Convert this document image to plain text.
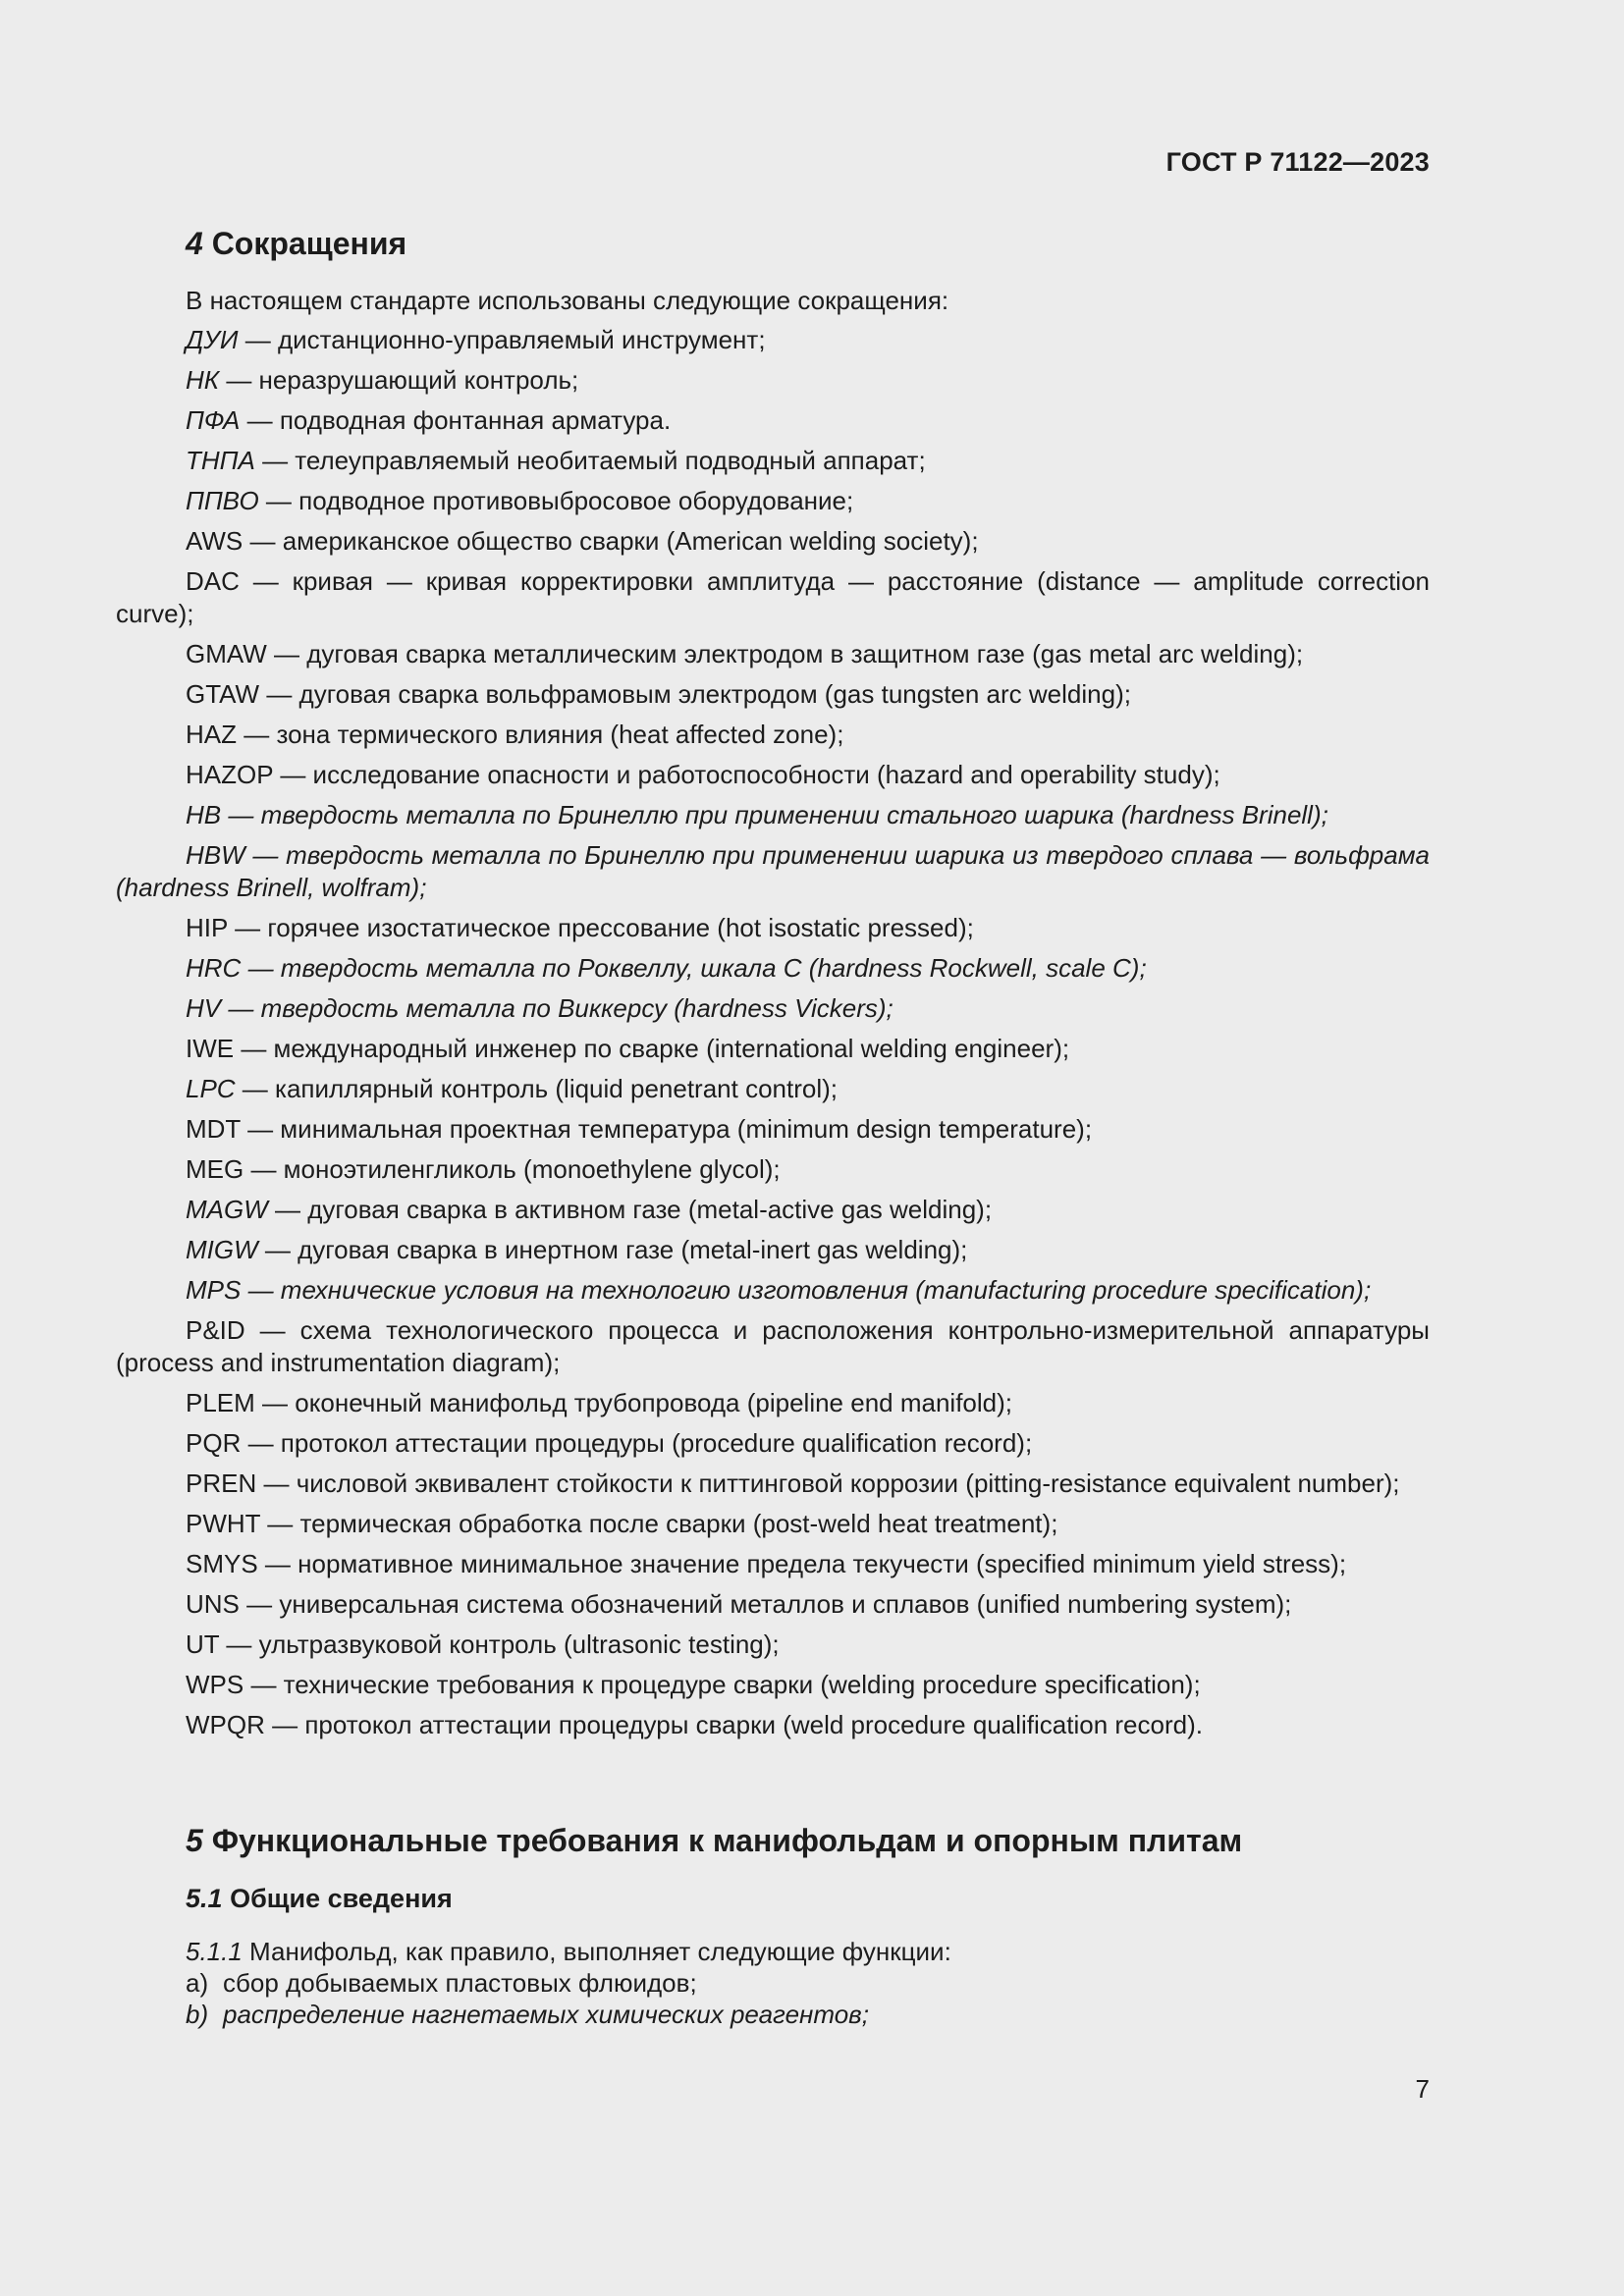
ГОСТ Р 71122—2023
4 Сокращения
В настоящем стандарте использованы следующие сокращения:
ДУИ — дистанционно-управляемый инструмент;
НК — неразрушающий контроль;
ПФА — подводная фонтанная арматура.
ТНПА — телеуправляемый необитаемый подводный аппарат;
ППВО — подводное противовыбросовое оборудование;
AWS — американское общество сварки (American welding society);
DAC — кривая — кривая корректировки амплитуда — расстояние (distance — amplitude correction curve);
GMAW — дуговая сварка металлическим электродом в защитном газе (gas metal arc welding);
GTAW — дуговая сварка вольфрамовым электродом (gas tungsten arc welding);
HAZ — зона термического влияния (heat affected zone);
HAZOP — исследование опасности и работоспособности (hazard and operability study);
HB — твердость металла по Бринеллю при применении стального шарика (hardness Brinell);
HBW — твердость металла по Бринеллю при применении шарика из твердого сплава — вольфрама (hardness Brinell, wolfram);
HIP — горячее изостатическое прессование (hot isostatic pressed);
HRC — твердость металла по Роквеллу, шкала С (hardness Rockwell, scale C);
HV — твердость металла по Виккерсу (hardness Vickers);
IWE — международный инженер по сварке (international welding engineer);
LPC — капиллярный контроль (liquid penetrant control);
MDT — минимальная проектная температура (minimum design temperature);
MEG — моноэтиленгликоль (monoethylene glycol);
MAGW — дуговая сварка в активном газе (metal-active gas welding);
MIGW — дуговая сварка в инертном газе (metal-inert gas welding);
MPS — технические условия на технологию изготовления (manufacturing procedure specification);
P&ID — схема технологического процесса и расположения контрольно-измерительной аппаратуры (process and instrumentation diagram);
PLEM — оконечный манифольд трубопровода (pipeline end manifold);
PQR — протокол аттестации процедуры (procedure qualification record);
PREN — числовой эквивалент стойкости к питтинговой коррозии (pitting-resistance equivalent number);
PWHT — термическая обработка после сварки (post-weld heat treatment);
SMYS — нормативное минимальное значение предела текучести (specified minimum yield stress);
UNS — универсальная система обозначений металлов и сплавов (unified numbering system);
UT — ультразвуковой контроль (ultrasonic testing);
WPS — технические требования к процедуре сварки (welding procedure specification);
WPQR — протокол аттестации процедуры сварки (weld procedure qualification record).
5 Функциональные требования к манифольдам и опорным плитам
5.1 Общие сведения
5.1.1 Манифольд, как правило, выполняет следующие функции:
a) сбор добываемых пластовых флюидов;
b) распределение нагнетаемых химических реагентов;
7
